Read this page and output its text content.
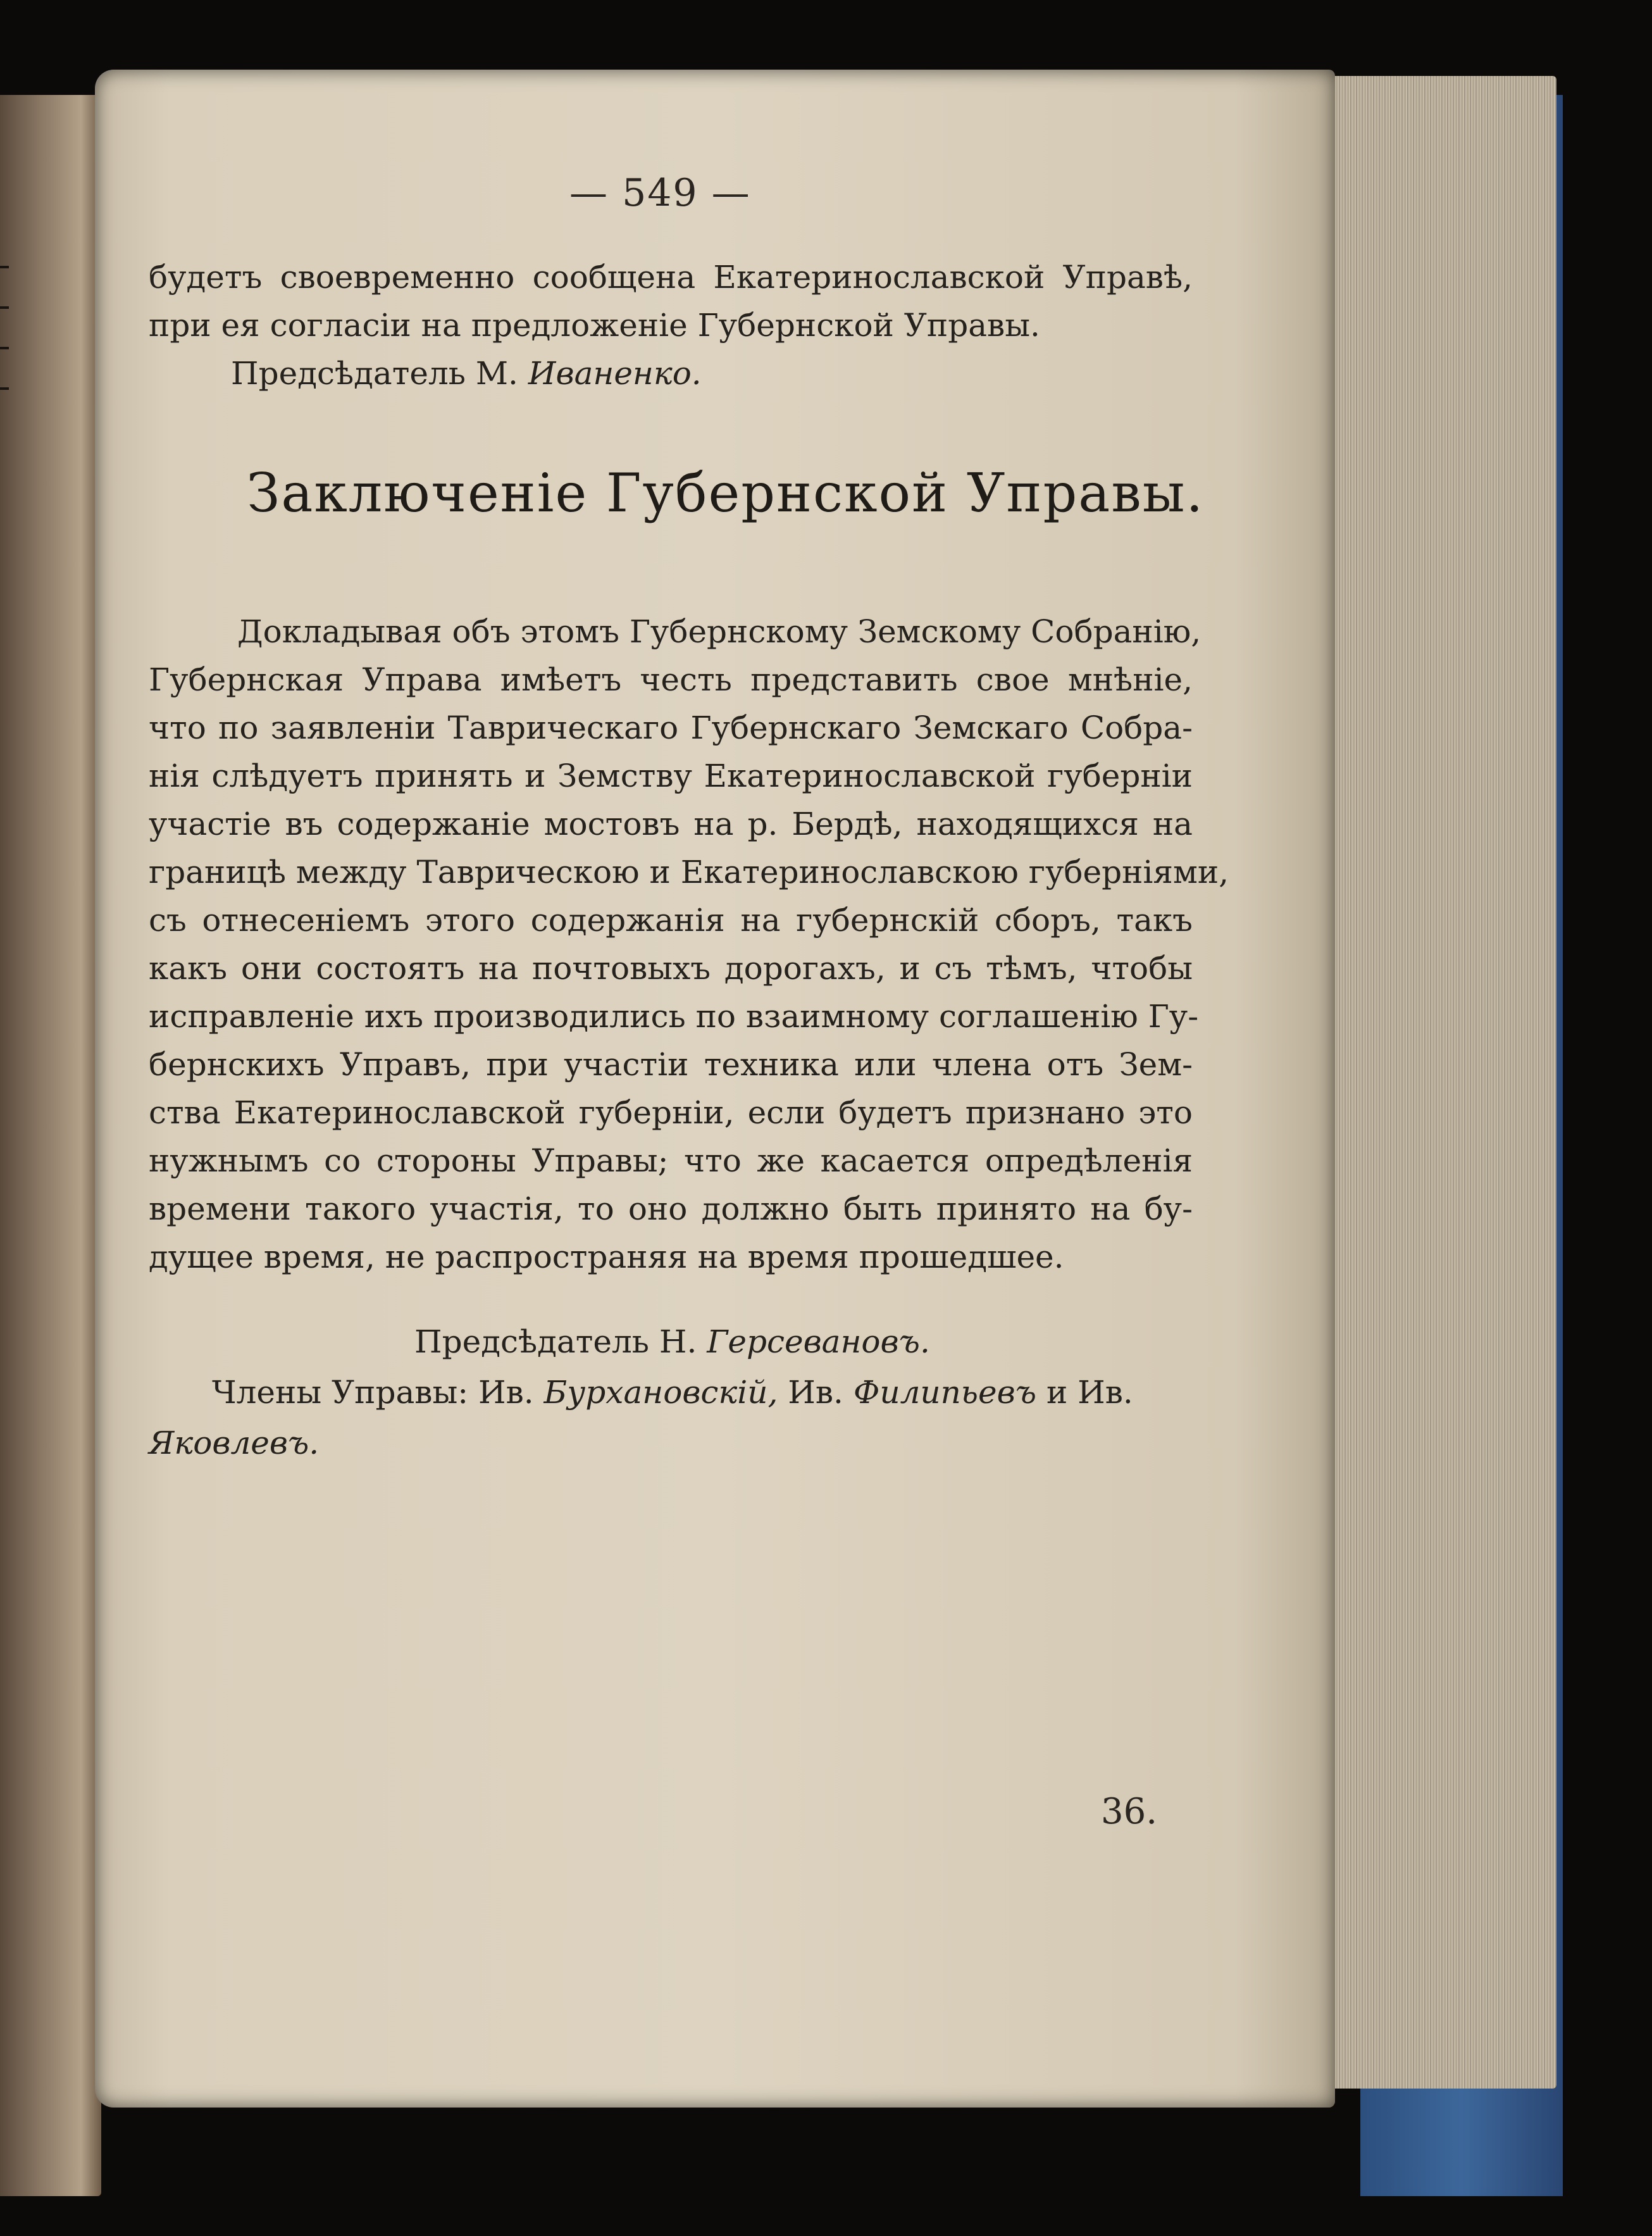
— 549 —
будетъ своевременно сообщена Екатеринославской Управѣ,
при ея согласіи на предложеніе Губернской Управы.
Предсѣдатель М. Иваненко.
Заключеніе Губернской Управы.
Докладывая объ этомъ Губернскому Земскому Собранію,
Губернская Управа имѣетъ честь представить свое мнѣніе,
что по заявленіи Таврическаго Губернскаго Земскаго Собра-
нія слѣдуетъ принять и Земству Екатеринославской губерніи
участіе въ содержаніе мостовъ на р. Бердѣ, находящихся на
границѣ между Таврическою и Екатеринославскою губерніями,
съ отнесеніемъ этого содержанія на губернскій сборъ, такъ
какъ они состоятъ на почтовыхъ дорогахъ, и съ тѣмъ, чтобы
исправленіе ихъ производились по взаимному соглашенію Гу-
бернскихъ Управъ, при участіи техника или члена отъ Зем-
ства Екатеринославской губерніи, если будетъ признано это
нужнымъ со стороны Управы; что же касается опредѣленія
времени такого участія, то оно должно быть принято на бу-
дущее время, не распространяя на время прошедшее.
Предсѣдатель Н. Герсевановъ.
Члены Управы: Ив. Бурхановскій, Ив. Филипьевъ и Ив.
Яковлевъ.
36.
